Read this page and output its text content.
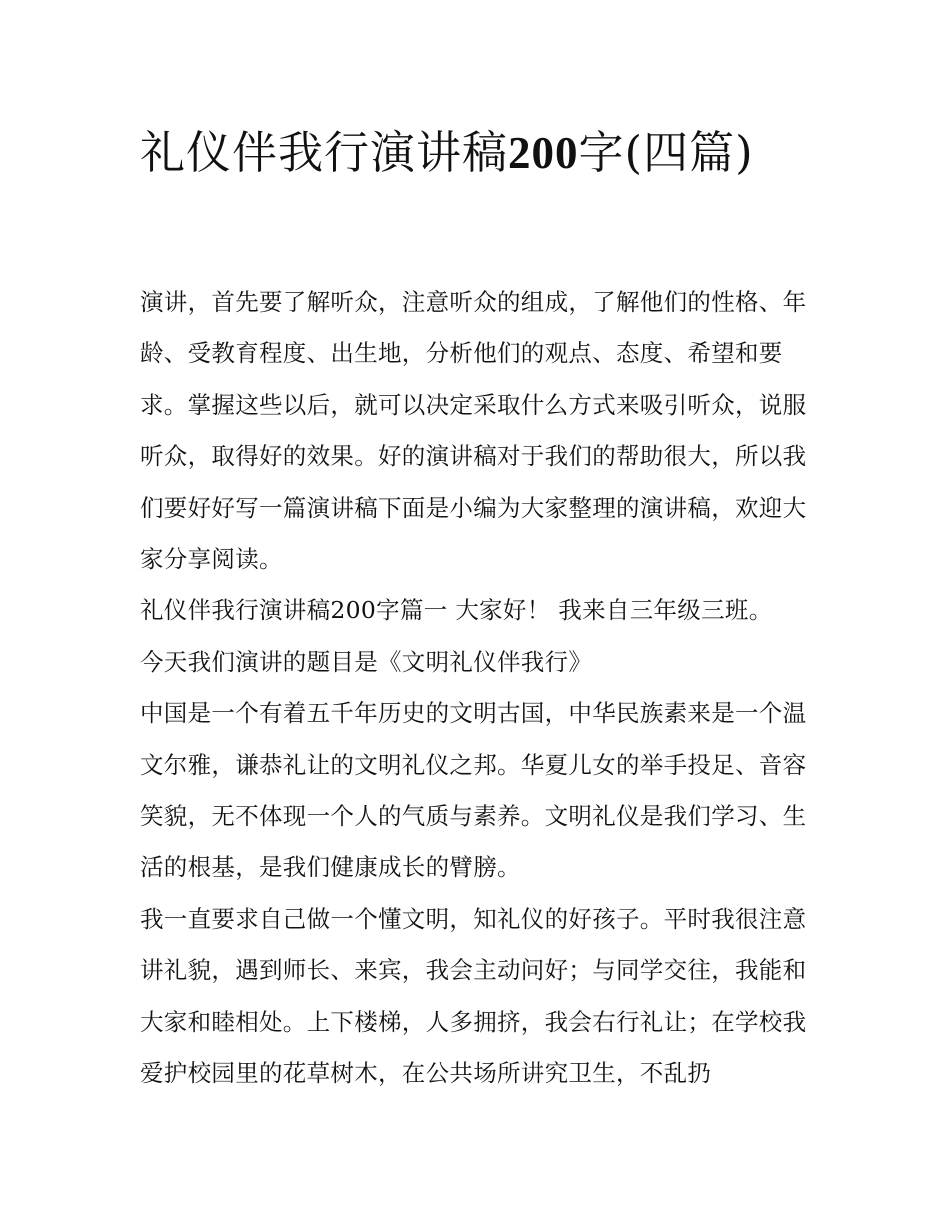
礼仪伴我行演讲稿200字(四篇)

演讲，首先要了解听众，注意听众的组成，了解他们的性格、年龄、受教育程度、出生地，分析他们的观点、态度、希望和要求。掌握这些以后，就可以决定采取什么方式来吸引听众，说服听众，取得好的效果。好的演讲稿对于我们的帮助很大，所以我们要好好写一篇演讲稿下面是小编为大家整理的演讲稿，欢迎大家分享阅读。

礼仪伴我行演讲稿200字篇一 大家好！ 我来自三年级三班。

今天我们演讲的题目是《文明礼仪伴我行》

中国是一个有着五千年历史的文明古国，中华民族素来是一个温文尔雅，谦恭礼让的文明礼仪之邦。华夏儿女的举手投足、音容笑貌，无不体现一个人的气质与素养。文明礼仪是我们学习、生活的根基，是我们健康成长的臂膀。

我一直要求自己做一个懂文明，知礼仪的好孩子。平时我很注意讲礼貌，遇到师长、来宾，我会主动问好；与同学交往，我能和大家和睦相处。上下楼梯，人多拥挤，我会右行礼让；在学校我爱护校园里的花草树木，在公共场所讲究卫生，不乱扔
